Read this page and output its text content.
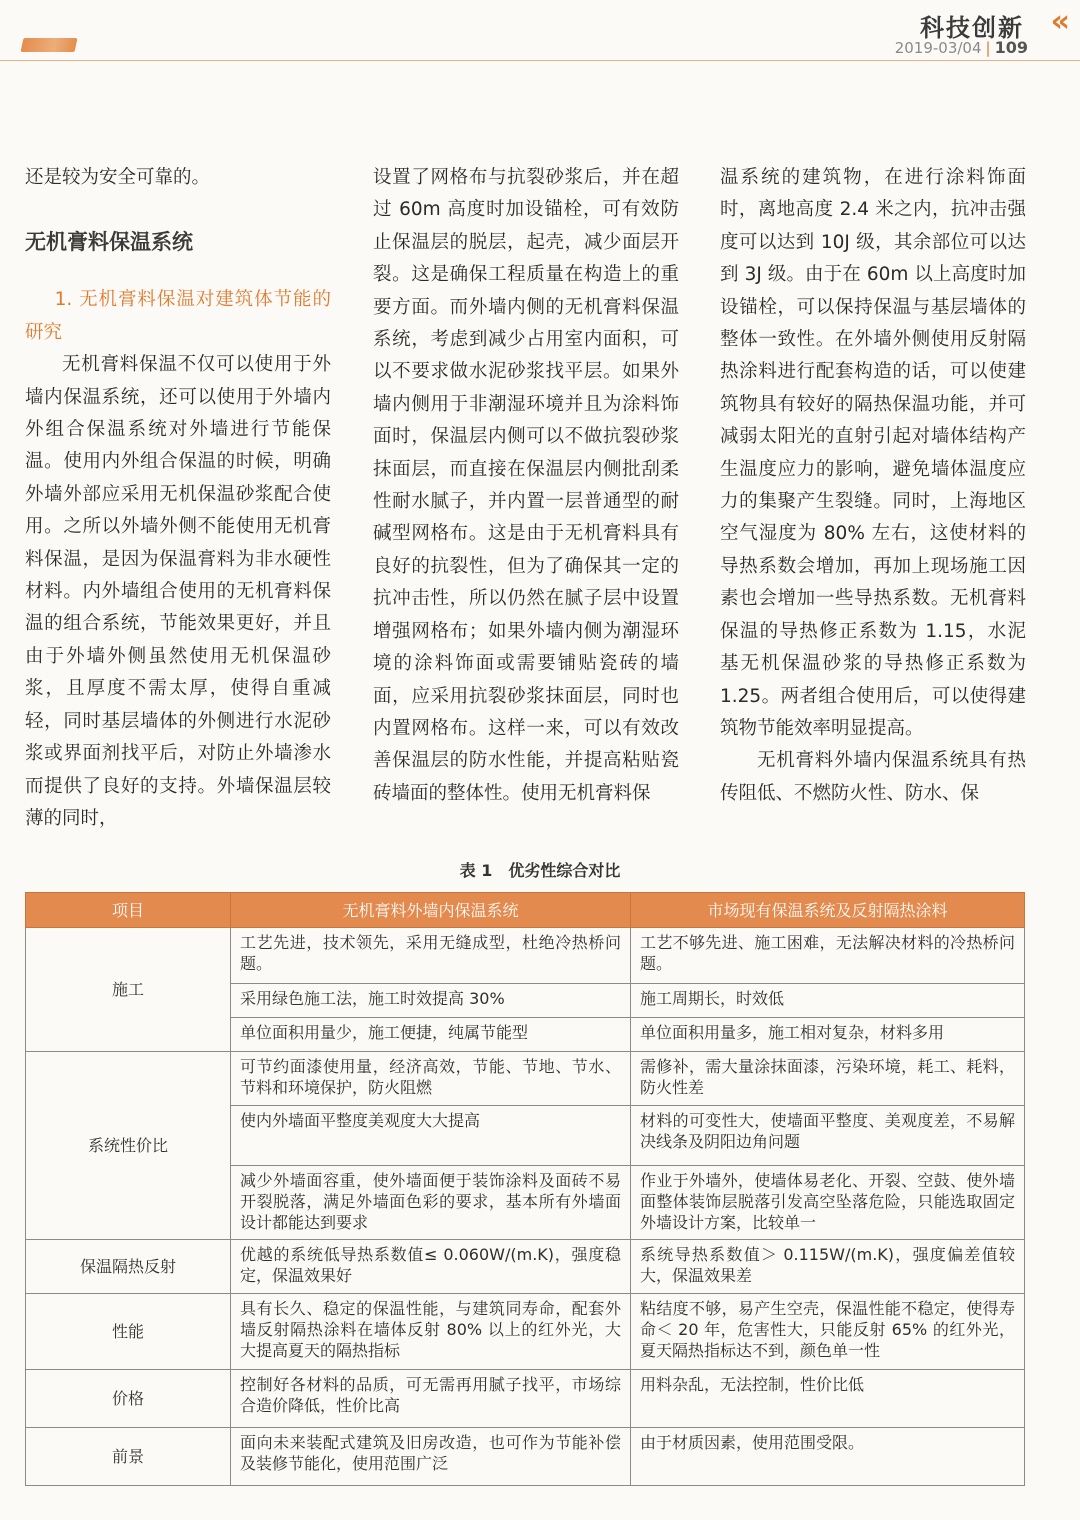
科技创新 «
2019-03/04 | 109

还是较为安全可靠的。

无机膏料保温系统

1. 无机膏料保温对建筑体节能的研究

无机膏料保温不仅可以使用于外墙内保温系统，还可以使用于外墙内外组合保温系统对外墙进行节能保温。使用内外组合保温的时候，明确外墙外部应采用无机保温砂浆配合使用。之所以外墙外侧不能使用无机膏料保温，是因为保温膏料为非水硬性材料。内外墙组合使用的无机膏料保温的组合系统，节能效果更好，并且由于外墙外侧虽然使用无机保温砂浆，且厚度不需太厚，使得自重减轻，同时基层墙体的外侧进行水泥砂浆或界面剂找平后，对防止外墙渗水而提供了良好的支持。外墙保温层较薄的同时，

设置了网格布与抗裂砂浆后，并在超过 60m 高度时加设锚栓，可有效防止保温层的脱层，起壳，减少面层开裂。这是确保工程质量在构造上的重要方面。而外墙内侧的无机膏料保温系统，考虑到减少占用室内面积，可以不要求做水泥砂浆找平层。如果外墙内侧用于非潮湿环境并且为涂料饰面时，保温层内侧可以不做抗裂砂浆抹面层，而直接在保温层内侧批刮柔性耐水腻子，并内置一层普通型的耐碱型网格布。这是由于无机膏料具有良好的抗裂性，但为了确保其一定的抗冲击性，所以仍然在腻子层中设置增强网格布；如果外墙内侧为潮湿环境的涂料饰面或需要铺贴瓷砖的墙面，应采用抗裂砂浆抹面层，同时也内置网格布。这样一来，可以有效改善保温层的防水性能，并提高粘贴瓷砖墙面的整体性。使用无机膏料保

温系统的建筑物，在进行涂料饰面时，离地高度 2.4 米之内，抗冲击强度可以达到 10J 级，其余部位可以达到 3J 级。由于在 60m 以上高度时加设锚栓，可以保持保温与基层墙体的整体一致性。在外墙外侧使用反射隔热涂料进行配套构造的话，可以使建筑物具有较好的隔热保温功能，并可减弱太阳光的直射引起对墙体结构产生温度应力的影响，避免墙体温度应力的集聚产生裂缝。同时，上海地区空气湿度为 80% 左右，这使材料的导热系数会增加，再加上现场施工因素也会增加一些导热系数。无机膏料保温的导热修正系数为 1.15，水泥基无机保温砂浆的导热修正系数为 1.25。两者组合使用后，可以使得建筑物节能效率明显提高。

无机膏料外墙内保温系统具有热传阻低、不燃防火性、防水、保

表 1 优劣性综合对比
项目	无机膏料外墙内保温系统	市场现有保温系统及反射隔热涂料
施工	工艺先进，技术领先，采用无缝成型，杜绝冷热桥问题。	工艺不够先进、施工困难，无法解决材料的冷热桥问题。
	采用绿色施工法，施工时效提高 30%	施工周期长，时效低
	单位面积用量少，施工便捷，纯属节能型	单位面积用量多，施工相对复杂，材料多用
系统性价比	可节约面漆使用量，经济高效，节能、节地、节水、节料和环境保护，防火阻燃	需修补，需大量涂抹面漆，污染环境，耗工、耗料，防火性差
	使内外墙面平整度美观度大大提高	材料的可变性大，使墙面平整度、美观度差，不易解决线条及阴阳边角问题
	减少外墙面容重，使外墙面便于装饰涂料及面砖不易开裂脱落，满足外墙面色彩的要求，基本所有外墙面设计都能达到要求	作业于外墙外，使墙体易老化、开裂、空鼓、使外墙面整体装饰层脱落引发高空坠落危险，只能选取固定外墙设计方案，比较单一
保温隔热反射	优越的系统低导热系数值≤ 0.060W/(m.K)，强度稳定，保温效果好	系统导热系数值＞ 0.115W/(m.K)，强度偏差值较大，保温效果差
性能	具有长久、稳定的保温性能，与建筑同寿命，配套外墙反射隔热涂料在墙体反射 80% 以上的红外光，大大提高夏天的隔热指标	粘结度不够，易产生空壳，保温性能不稳定，使得寿命＜ 20 年，危害性大，只能反射 65% 的红外光，夏天隔热指标达不到，颜色单一性
价格	控制好各材料的品质，可无需再用腻子找平，市场综合造价降低，性价比高	用料杂乱，无法控制，性价比低
前景	面向未来装配式建筑及旧房改造，也可作为节能补偿及装修节能化，使用范围广泛	由于材质因素，使用范围受限。
